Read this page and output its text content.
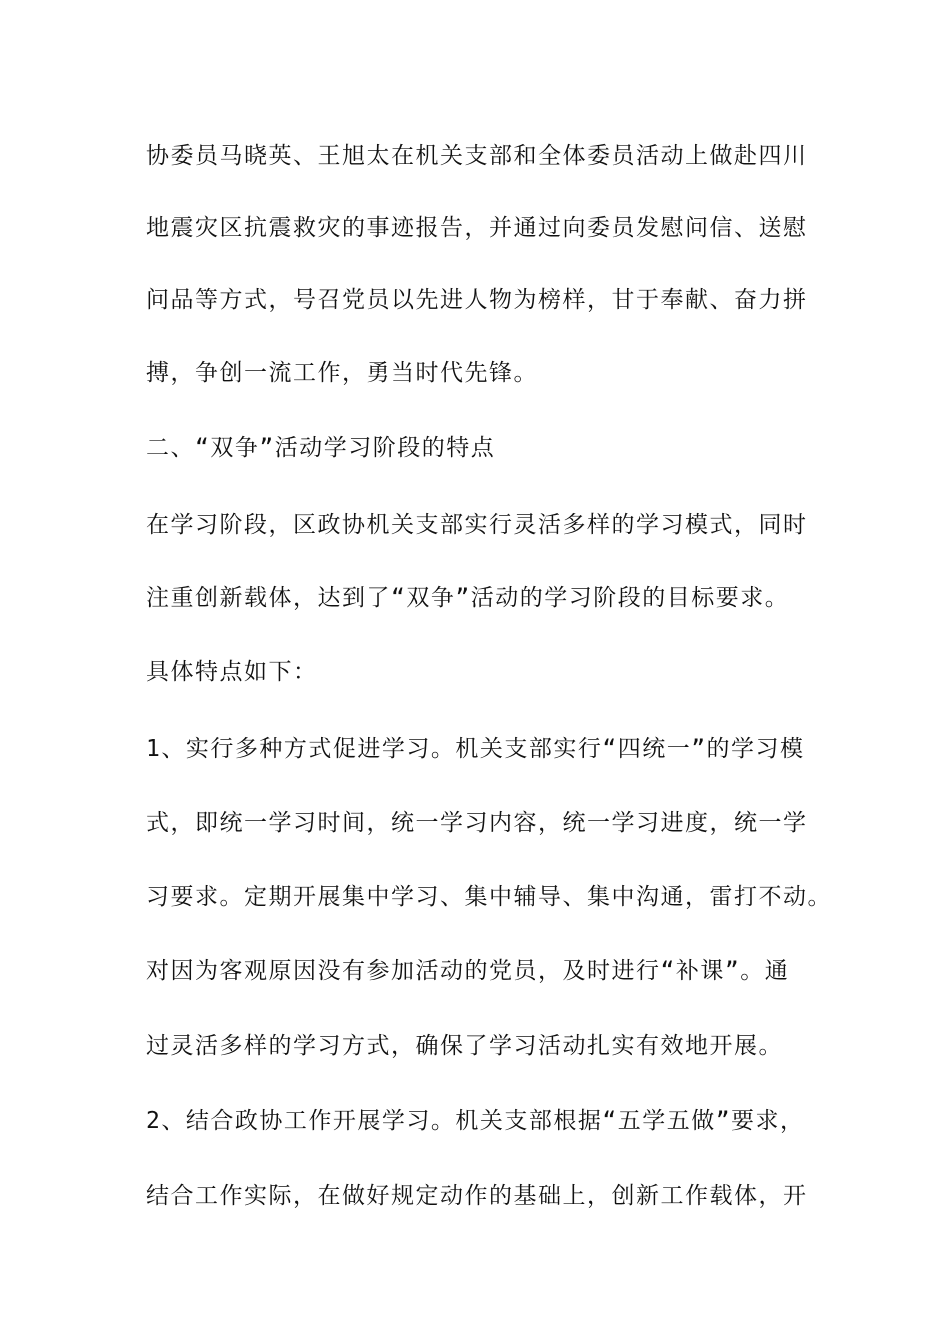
协委员马晓英、王旭太在机关支部和全体委员活动上做赴四川

地震灾区抗震救灾的事迹报告，并通过向委员发慰问信、送慰

问品等方式，号召党员以先进人物为榜样，甘于奉献、奋力拼

搏，争创一流工作，勇当时代先锋。

二、“双争”活动学习阶段的特点

在学习阶段，区政协机关支部实行灵活多样的学习模式，同时

注重创新载体，达到了“双争”活动的学习阶段的目标要求。

具体特点如下：

1、实行多种方式促进学习。机关支部实行“四统一”的学习模

式，即统一学习时间，统一学习内容，统一学习进度，统一学

习要求。定期开展集中学习、集中辅导、集中沟通，雷打不动。

对因为客观原因没有参加活动的党员，及时进行“补课”。通

过灵活多样的学习方式，确保了学习活动扎实有效地开展。

2、结合政协工作开展学习。机关支部根据“五学五做”要求，

结合工作实际，在做好规定动作的基础上，创新工作载体，开
